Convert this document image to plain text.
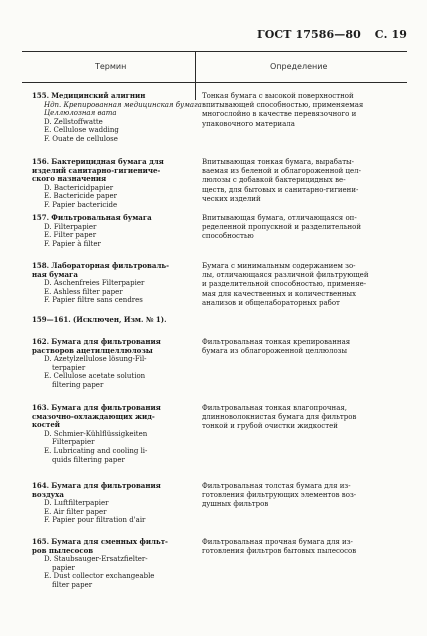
ГОСТ 17586—80 С. 19
Термин	Определение
155. Медицинский алигнин
Ндп. Крепированная медицинская бумага
Целлюлозная вата
D. Zellstoffwatte
E. Cellulose wadding
F. Ouate de cellulose
Тонкая бумага с высокой поверхностной
впитывающей способностью, применяемая
многослойно в качестве перевязочного и
упаковочного материала
156. Бактерицидная бумага для
изделий санитарно-гигиениче-
ского назначения
D. Bactericidpapier
E. Bactericide paper
F. Papier bactericide
Впитывающая тонкая бумага, вырабаты-
ваемая из беленой и облагороженной цел-
люлозы с добавкой бактерицидных ве-
ществ, для бытовых и санитарно-гигиени-
ческих изделий
157. Фильтровальная бумага
D. Filterpapier
E. Filter paper
F. Papier à filter
Впитывающая бумага, отличающаяся оп-
ределенной пропускной и разделительной
способностью
158. Лабораторная фильтроваль-
ная бумага
D. Aschenfreies Filterpapier
E. Ashless filter paper
F. Papier filtre sans cendres
Бумага с минимальным содержанием зо-
лы, отличающаяся различной фильтрующей
и разделительной способностью, применяе-
мая для качественных и количественных
анализов и общелабораторных работ
159—161. (Исключен, Изм. № 1).
162. Бумага для фильтрования
растворов ацетилцеллюлозы
D. Azetylzellulose lösung-Fil-
terpapier
E. Cellulose acetate solution
filtering paper
Фильтровальная тонкая крепированная
бумага из облагороженной целлюлозы
163. Бумага для фильтрования
смазочно-охлаждающих жид-
костей
D. Schmier-Kühlflüssigkeiten
Filterpapier
E. Lubricating and cooling li-
quids filtering paper
Фильтровальная тонкая влагопрочная,
длинноволокнистая бумага для фильтров
тонкой и грубой очистки жидкостей
164. Бумага для фильтрования
воздуха
D. Luftfilterpapier
E. Air filter paper
F. Papier pour filtration d'air
Фильтровальная толстая бумага для из-
готовления фильтрующих элементов воз-
душных фильтров
165. Бумага для сменных фильт-
ров пылесосов
D. Staubsauger-Ersatzfielter-
papier
E. Dust collector exchangeable
filter paper
Фильтровальная прочная бумага для из-
готовления фильтров бытовых пылесосов
